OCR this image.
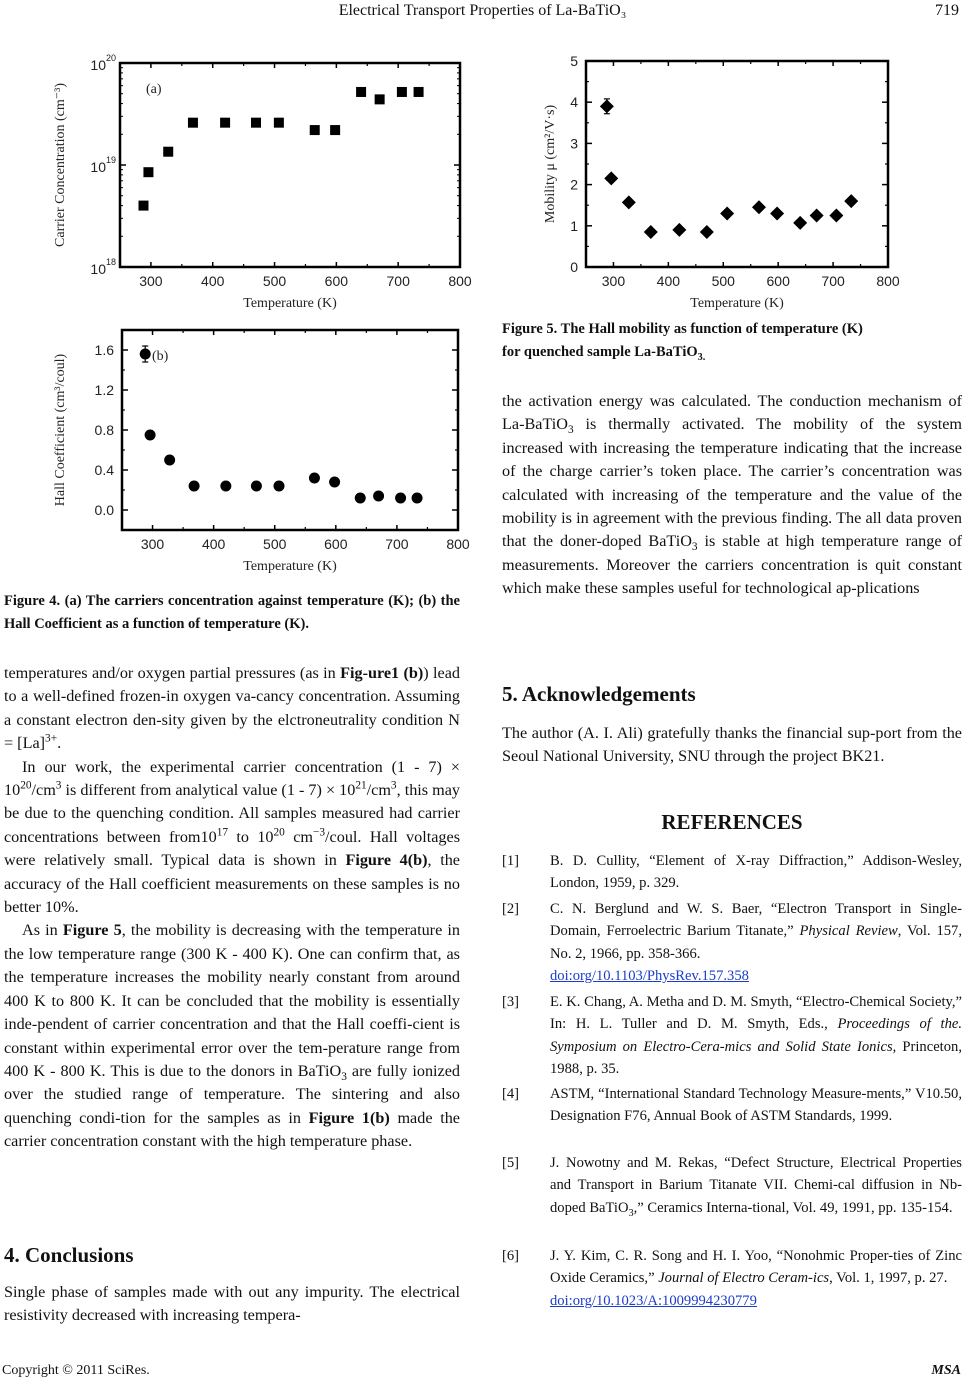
Electrical Transport Properties of La-BaTiO₃	719
300	400	500	600	700	800
10 18
10 19
10 20
Temperature (K)
Carrier Concentration (cm⁻³)	(a)
300	400	500	600	700	800
0.0
0.4
0.8
1.2
1.6
Temperature (K)
Hall Coefficient (cm³/coul)	(b)
300 400 500 600 700 800
0
1
2
3
4
5
Temperature (K)
Mobility μ (cm²/V·s)
Figure 4. (a) The carriers concentration against temperature (K); (b) the Hall Coefficient as a function of temperature (K).
Figure 5. The Hall mobility as function of temperature (K)
for quenched sample La-BaTiO$_{3.}$

temperatures and/or oxygen partial pressures (as in Fig-ure1 (b)) lead to a well-defined frozen-in oxygen va-cancy concentration. Assuming a constant electron den-sity given by the elctroneutrality condition $N = [La]^{3+}$.

In our work, the experimental carrier concentration $(1 - 7) \times 10^{20}/cm^3$ is different from analytical value $(1 - 7) \times 10^{21}/cm^3$, this may be due to the quenching condition. All samples measured had carrier concentrations between $from10^{17}$ to $10^{20}$ $cm^{-3}$/coul. Hall voltages were relatively small. Typical data is shown in Figure 4(b), the accuracy of the Hall coefficient measurements on these samples is no better 10%.

As in Figure 5, the mobility is decreasing with the temperature in the low temperature range (300 K - 400 K). One can confirm that, as the temperature increases the mobility nearly constant from around 400 K to 800 K. It can be concluded that the mobility is essentially inde-pendent of carrier concentration and that the Hall coeffi-cient is constant within experimental error over the tem-perature range from 400 K - 800 K. This is due to the donors in BaTiO$_3$ are fully ionized over the studied range of temperature. The sintering and also quenching condi-tion for the samples as in Figure 1(b) made the carrier concentration constant with the high temperature phase.

4. Conclusions

Single phase of samples made with out any impurity. The electrical resistivity decreased with increasing tempera-

the activation energy was calculated. The conduction mechanism of La-BaTiO$_3$ is thermally activated. The mobility of the system increased with increasing the temperature indicating that the increase of the charge carrier’s token place. The carrier’s concentration was calculated with increasing of the temperature and the value of the mobility is in agreement with the previous finding. The all data proven that the doner-doped BaTiO$_3$ is stable at high temperature range of measurements. Moreover the carriers concentration is quit constant which make these samples useful for technological ap-plications

5. Acknowledgements

The author (A. I. Ali) gratefully thanks the financial sup-port from the Seoul National University, SNU through the project BK21.

REFERENCES
[1]	B. D. Cullity, “Element of X-ray Diffraction,” Addison-Wesley, London, 1959, p. 329.
[2]	C. N. Berglund and W. S. Baer, “Electron Transport in Single-Domain, Ferroelectric Barium Titanate,” Physical Review, Vol. 157, No. 2, 1966, pp. 358-366.
doi:org/10.1103/PhysRev.157.358
[3]	E. K. Chang, A. Metha and D. M. Smyth, “Electro-Chemical Society,” In: H. L. Tuller and D. M. Smyth, Eds., Proceedings of the. Symposium on Electro-Cera-mics and Solid State Ionics, Princeton, 1988, p. 35.
[4]	ASTM, “International Standard Technology Measure-ments,” V10.50, Designation F76, Annual Book of ASTM Standards, 1999.
[5]	J. Nowotny and M. Rekas, “Defect Structure, Electrical Properties and Transport in Barium Titanate VII. Chemi-cal diffusion in Nb-doped BaTiO$_3$,” Ceramics Interna-tional, Vol. 49, 1991, pp. 135-154.
[6]	J. Y. Kim, C. R. Song and H. I. Yoo, “Nonohmic Proper-ties of Zinc Oxide Ceramics,” Journal of Electro Ceram-ics, Vol. 1, 1997, p. 27.
doi:org/10.1023/A:1009994230779
Copyright © 2011 SciRes.	MSA
